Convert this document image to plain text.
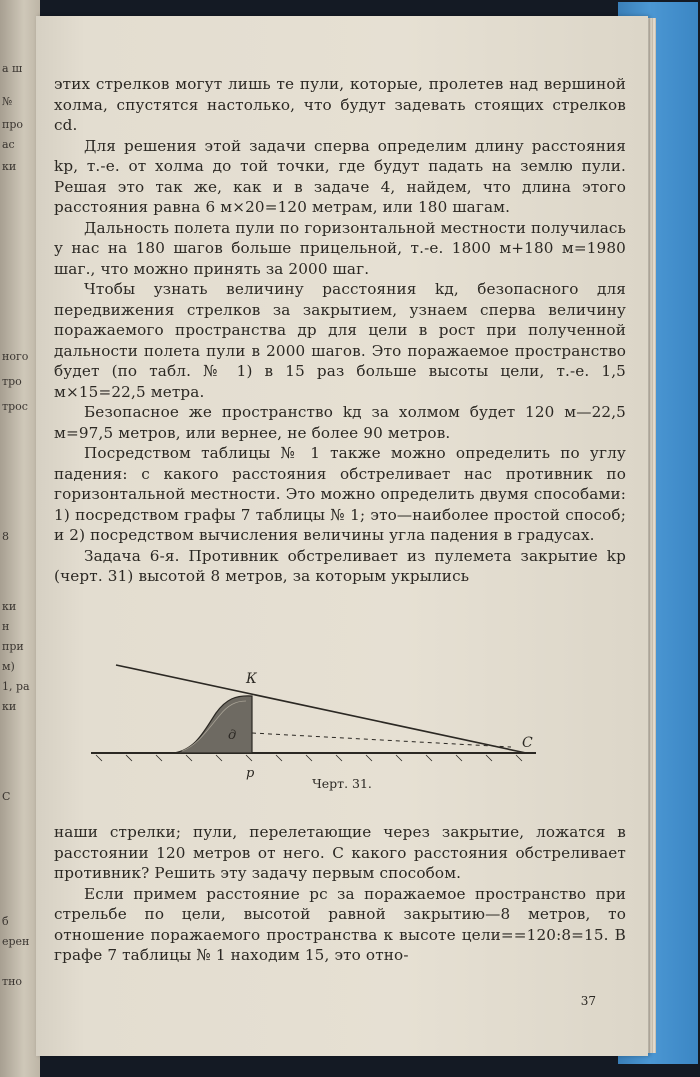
а ш
№
про
ас
ки
ного
тро
трос
8
ки
н
при
м)
1, ра
ки
С
б
ерен
тно

этих стрелков могут лишь те пули, которые, пролетев над вершиной холма, спустятся настолько, что будут задевать стоящих стрелков cd.

Для решения этой задачи сперва определим длину расстояния kp, т.-е. от холма до той точки, где будут падать на землю пули. Решая это так же, как и в задаче 4, найдем, что длина этого расстояния равна 6 м×20=120 метрам, или 180 шагам.

Дальность полета пули по горизонтальной местности получилась у нас на 180 шагов больше прицельной, т.-е. 1800 м+180 м=1980 шаг., что можно принять за 2000 шаг.

Чтобы узнать величину расстояния kд, безопасного для передвижения стрелков за закрытием, узнаем сперва величину поражаемого пространства др для цели в рост при полученной дальности полета пули в 2000 шагов. Это поражаемое пространство будет (по табл. № 1) в 15 раз больше высоты цели, т.-е. 1,5 м×15=22,5 метра.

Безопасное же пространство kд за холмом будет 120 м—22,5 м=97,5 метров, или вернее, не более 90 метров.

Посредством таблицы № 1 также можно определить по углу падения: с какого расстояния обстреливает нас противник по горизонтальной местности. Это можно определить двумя способами: 1) посредством графы 7 таблицы № 1; это—наиболее простой способ; и 2) посредством вычисления величины угла падения в градусах.

Задача 6-я. Противник обстреливает из пулемета закрытие kр (черт. 31) высотой 8 метров, за которым укрылись

К
д
р
С
Черт. 31.

наши стрелки; пули, перелетающие через закрытие, ложатся в расстоянии 120 метров от него. С какого расстояния обстреливает противник? Решить эту задачу первым способом.

Если примем расстояние рс за поражаемое пространство при стрельбе по цели, высотой равной закрытию—8 метров, то отношение поражаемого пространства к высоте цели==120:8=15. В графе 7 таблицы № 1 находим 15, это отно-

37
